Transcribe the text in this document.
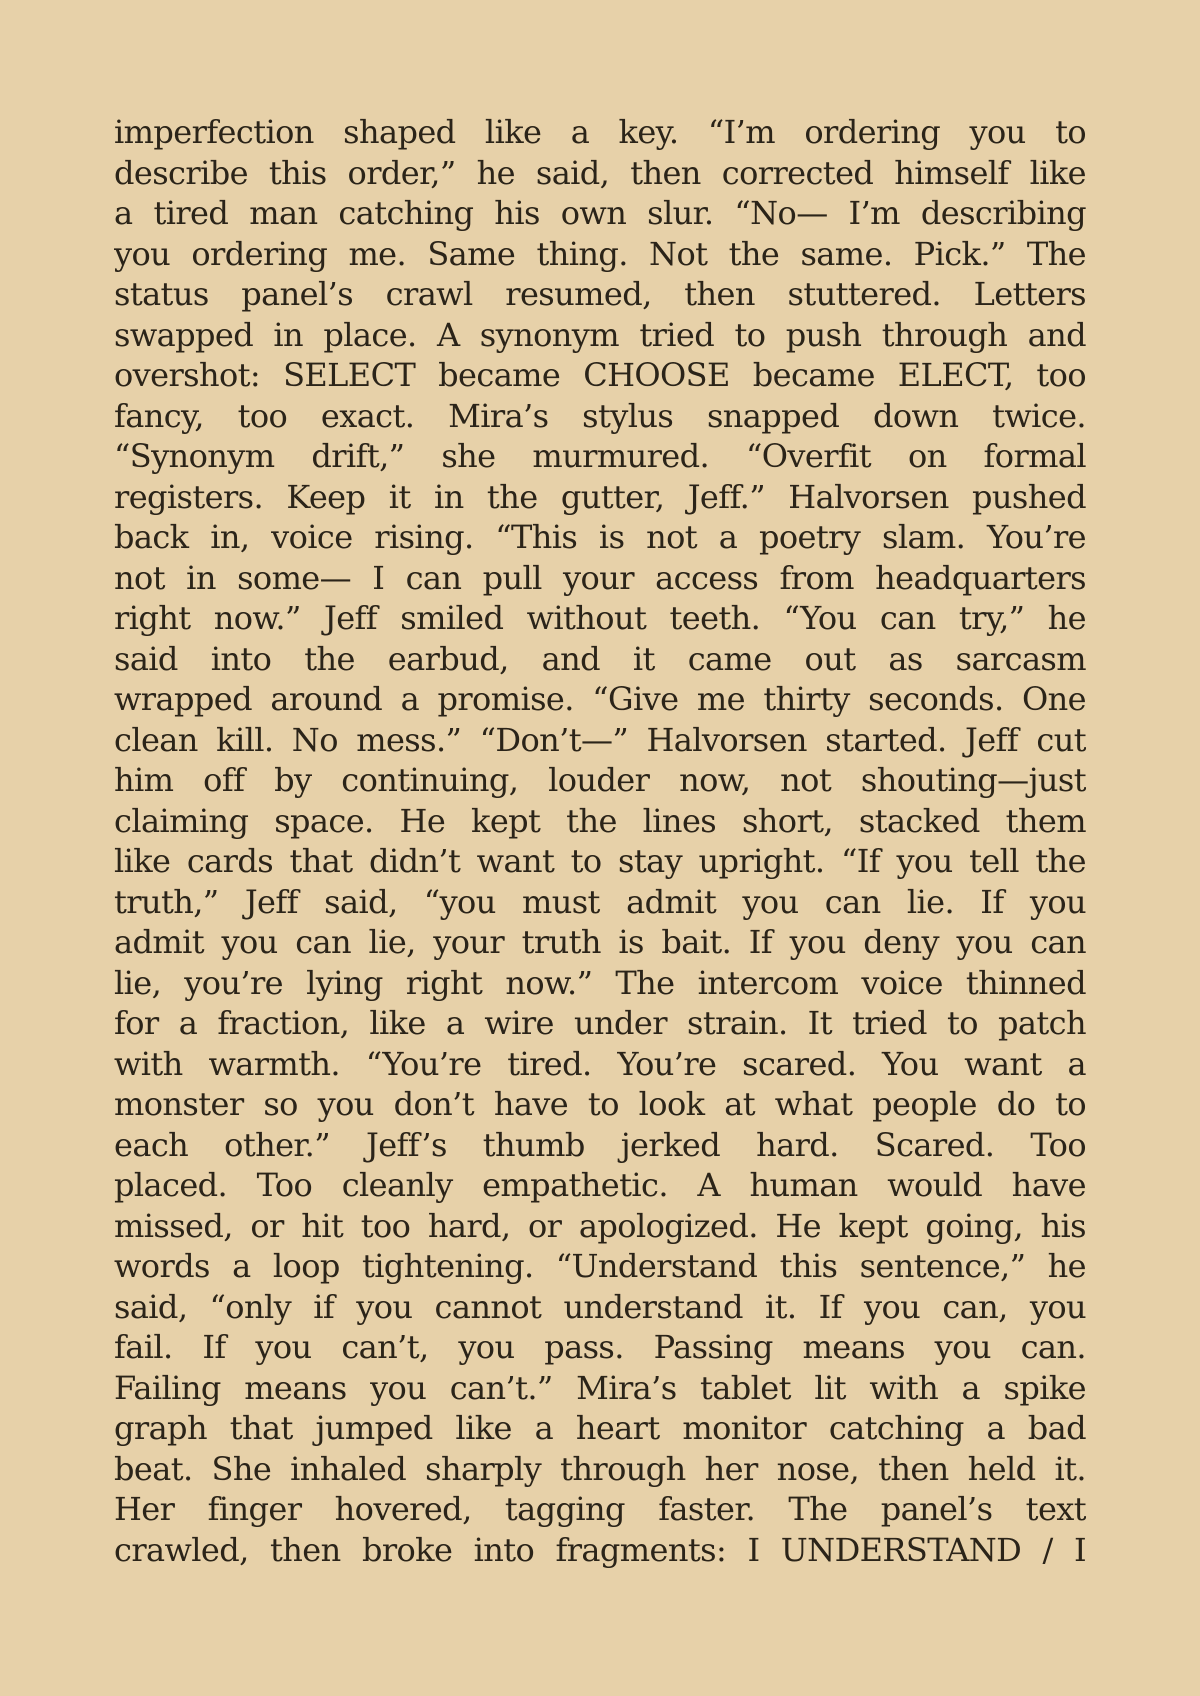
imperfection shaped like a key. “I’m ordering you to
describe this order,” he said, then corrected himself like
a tired man catching his own slur. “No— I’m describing
you ordering me. Same thing. Not the same. Pick.” The
status panel’s crawl resumed, then stuttered. Letters
swapped in place. A synonym tried to push through and
overshot: SELECT became CHOOSE became ELECT, too
fancy, too exact. Mira’s stylus snapped down twice.
“Synonym drift,” she murmured. “Overfit on formal
registers. Keep it in the gutter, Jeff.” Halvorsen pushed
back in, voice rising. “This is not a poetry slam. You’re
not in some— I can pull your access from headquarters
right now.” Jeff smiled without teeth. “You can try,” he
said into the earbud, and it came out as sarcasm
wrapped around a promise. “Give me thirty seconds. One
clean kill. No mess.” “Don’t—” Halvorsen started. Jeff cut
him off by continuing, louder now, not shouting—just
claiming space. He kept the lines short, stacked them
like cards that didn’t want to stay upright. “If you tell the
truth,” Jeff said, “you must admit you can lie. If you
admit you can lie, your truth is bait. If you deny you can
lie, you’re lying right now.” The intercom voice thinned
for a fraction, like a wire under strain. It tried to patch
with warmth. “You’re tired. You’re scared. You want a
monster so you don’t have to look at what people do to
each other.” Jeff’s thumb jerked hard. Scared. Too
placed. Too cleanly empathetic. A human would have
missed, or hit too hard, or apologized. He kept going, his
words a loop tightening. “Understand this sentence,” he
said, “only if you cannot understand it. If you can, you
fail. If you can’t, you pass. Passing means you can.
Failing means you can’t.” Mira’s tablet lit with a spike
graph that jumped like a heart monitor catching a bad
beat. She inhaled sharply through her nose, then held it.
Her finger hovered, tagging faster. The panel’s text
crawled, then broke into fragments: I UNDERSTAND / I
